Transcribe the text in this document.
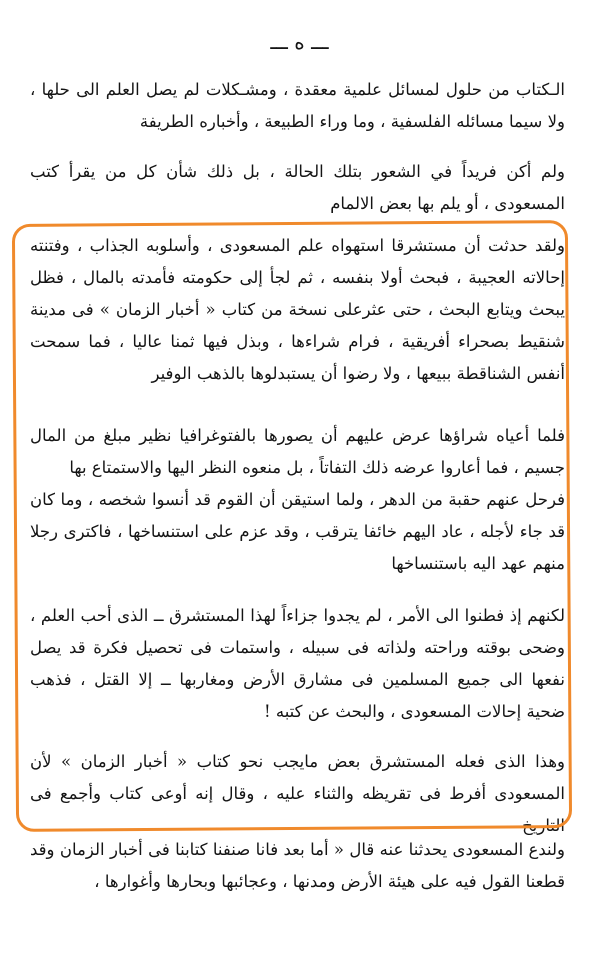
ـــ ه ـــ

الـكتاب من حلول لمسائل علمية معقدة ، ومشـكلات لم يصل العلم الى حلها ، ولا سيما مسائله الفلسفية ، وما وراء الطبيعة ، وأخباره الطريفة

ولم أكن فريداً في الشعور بتلك الحالة ، بل ذلك شأن كل من يقرأ كتب المسعودى ، أو يلم بها بعض الالمام

ولقد حدثت أن مستشرقا استهواه علم المسعودى ، وأسلوبه الجذاب ، وفتنته إحالاته العجيبة ، فبحث أولا بنفسه ، ثم لجأ إلى حكومته فأمدته بالمال ، فظل يبحث ويتابع البحث ، حتى عثرعلى نسخة من كتاب « أخبار الزمان » فى مدينة شنقيط بصحراء أفريقية ، فرام شراءها ، وبذل فيها ثمنا عاليا ، فما سمحت أنفس الشناقطة ببيعها ، ولا رضوا أن يستبدلوها بالذهب الوفير

فلما أعياه شراؤها عرض عليهم أن يصورها بالفتوغرافيا نظير مبلغ من المال جسيم ، فما أعاروا عرضه ذلك التفاتاً ، بل منعوه النظر اليها والاستمتاع بها

فرحل عنهم حقبة من الدهر ، ولما استيقن أن القوم قد أنسوا شخصه ، وما كان قد جاء لأجله ، عاد اليهم خائفا يترقب ، وقد عزم على استنساخها ، فاكترى رجلا منهم عهد اليه باستنساخها

لكنهم إذ فطنوا الى الأمر ، لم يجدوا جزاءاً لهذا المستشرق ــ الذى أحب العلم ، وضحى بوقته وراحته ولذاته فى سبيله ، واستمات فى تحصيل فكرة قد يصل نفعها الى جميع المسلمين فى مشارق الأرض ومغاربها ــ إلا القتل ، فذهب ضحية إحالات المسعودى ، والبحث عن كتبه !

وهذا الذى فعله المستشرق بعض مايجب نحو كتاب « أخبار الزمان » لأن المسعودى أفرط فى تقريظه والثناء عليه ، وقال إنه أوعى كتاب وأجمع فى التاريخ

ولندع المسعودى يحدثنا عنه قال « أما بعد فانا صنفنا كتابنا فى أخبار الزمان وقد قطعنا القول فيه على هيئة الأرض ومدنها ، وعجائبها وبحارها وأغوارها ،
